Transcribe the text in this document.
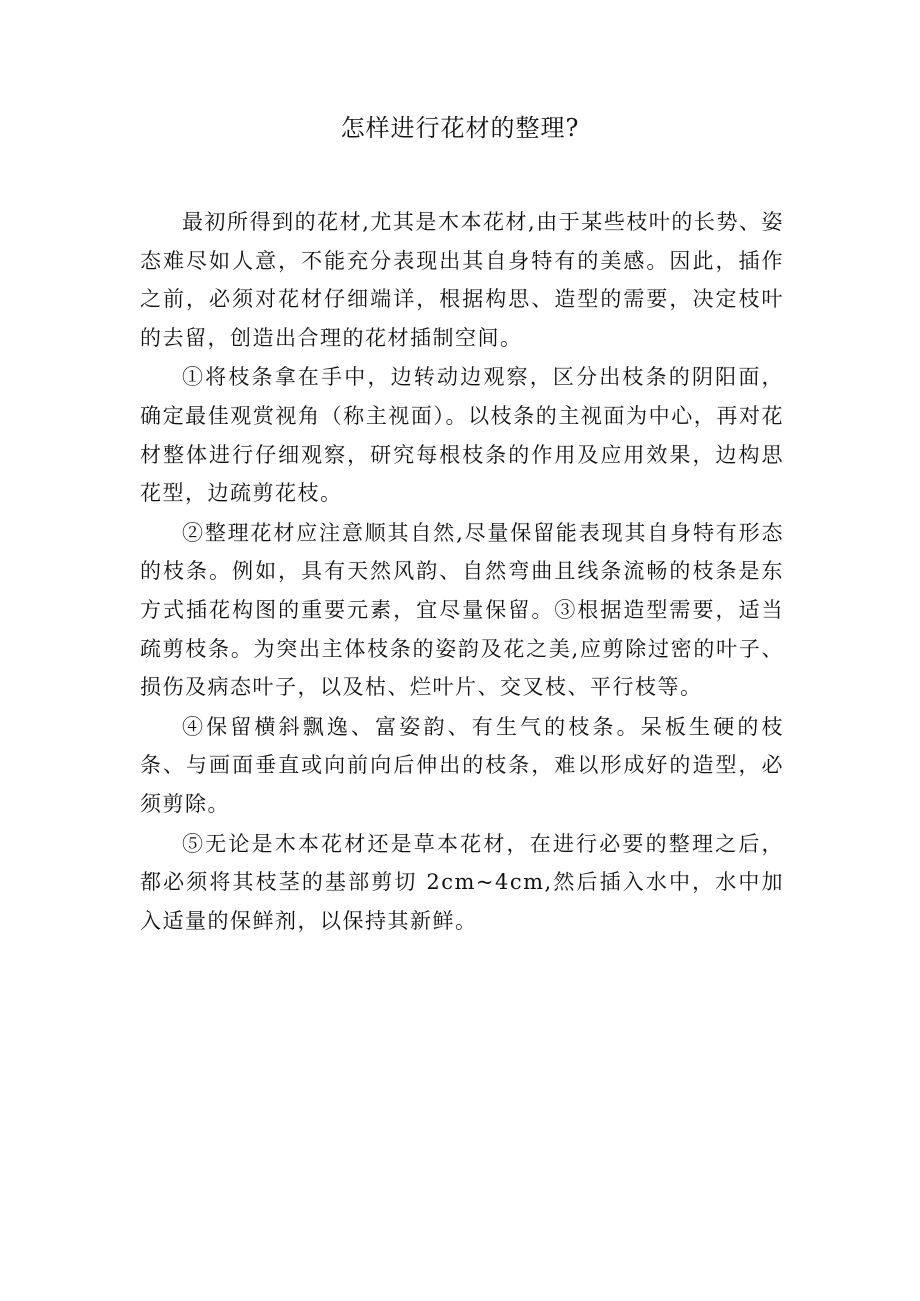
怎样进行花材的整理?

最初所得到的花材,尤其是木本花材,由于某些枝叶的长势、姿态难尽如人意，不能充分表现出其自身特有的美感。因此，插作之前，必须对花材仔细端详，根据构思、造型的需要，决定枝叶的去留，创造出合理的花材插制空间。

①将枝条拿在手中，边转动边观察，区分出枝条的阴阳面，确定最佳观赏视角（称主视面）。以枝条的主视面为中心，再对花材整体进行仔细观察，研究每根枝条的作用及应用效果，边构思花型，边疏剪花枝。

②整理花材应注意顺其自然,尽量保留能表现其自身特有形态的枝条。例如，具有天然风韵、自然弯曲且线条流畅的枝条是东方式插花构图的重要元素，宜尽量保留。③根据造型需要，适当疏剪枝条。为突出主体枝条的姿韵及花之美,应剪除过密的叶子、损伤及病态叶子，以及枯、烂叶片、交叉枝、平行枝等。

④保留横斜飘逸、富姿韵、有生气的枝条。呆板生硬的枝条、与画面垂直或向前向后伸出的枝条，难以形成好的造型，必须剪除。

⑤无论是木本花材还是草本花材，在进行必要的整理之后，都必须将其枝茎的基部剪切 2cm~4cm,然后插入水中，水中加入适量的保鲜剂，以保持其新鲜。
